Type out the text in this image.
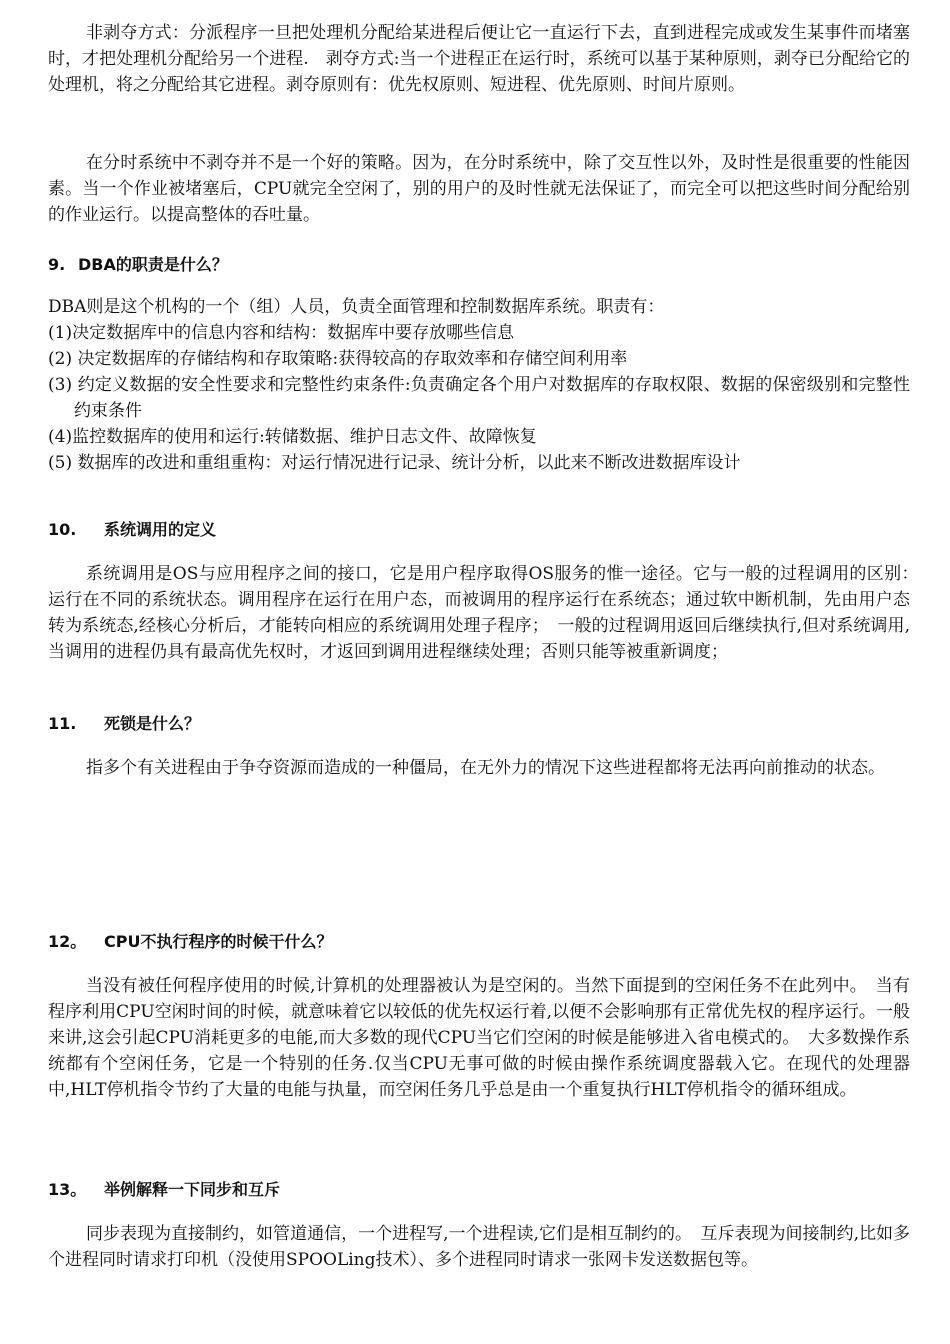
非剥夺方式：分派程序一旦把处理机分配给某进程后便让它一直运行下去，直到进程完成或发生某事件而堵塞时，才把处理机分配给另一个进程.　剥夺方式:当一个进程正在运行时，系统可以基于某种原则，剥夺已分配给它的处理机，将之分配给其它进程。剥夺原则有：优先权原则、短进程、优先原则、时间片原则。

在分时系统中不剥夺并不是一个好的策略。因为，在分时系统中，除了交互性以外，及时性是很重要的性能因素。当一个作业被堵塞后，CPU就完全空闲了，别的用户的及时性就无法保证了，而完全可以把这些时间分配给别的作业运行。以提高整体的吞吐量。

9. DBA的职责是什么？

DBA则是这个机构的一个（组）人员，负责全面管理和控制数据库系统。职责有：

(1)决定数据库中的信息内容和结构：数据库中要存放哪些信息

(2) 决定数据库的存储结构和存取策略:获得较高的存取效率和存储空间利用率

(3) 约定义数据的安全性要求和完整性约束条件:负责确定各个用户对数据库的存取权限、数据的保密级别和完整性约束条件

(4)监控数据库的使用和运行:转储数据、维护日志文件、故障恢复

(5) 数据库的改进和重组重构：对运行情况进行记录、统计分析，以此来不断改进数据库设计

10. 系统调用的定义

系统调用是OS与应用程序之间的接口，它是用户程序取得OS服务的惟一途径。它与一般的过程调用的区别：　运行在不同的系统状态。调用程序在运行在用户态，而被调用的程序运行在系统态；通过软中断机制，先由用户态转为系统态,经核心分析后，才能转向相应的系统调用处理子程序；　一般的过程调用返回后继续执行,但对系统调用,当调用的进程仍具有最高优先权时，才返回到调用进程继续处理；否则只能等被重新调度；

11. 死锁是什么？

指多个有关进程由于争夺资源而造成的一种僵局，在无外力的情况下这些进程都将无法再向前推动的状态。

12。 CPU不执行程序的时候干什么？

当没有被任何程序使用的时候,计算机的处理器被认为是空闲的。当然下面提到的空闲任务不在此列中。　当有程序利用CPU空闲时间的时候，就意味着它以较低的优先权运行着,以便不会影响那有正常优先权的程序运行。一般来讲,这会引起CPU消耗更多的电能,而大多数的现代CPU当它们空闲的时候是能够进入省电模式的。　大多数操作系统都有个空闲任务，它是一个特别的任务.仅当CPU无事可做的时候由操作系统调度器载入它。在现代的处理器中,HLT停机指令节约了大量的电能与执量，而空闲任务几乎总是由一个重复执行HLT停机指令的循环组成。

13。 举例解释一下同步和互斥

同步表现为直接制约，如管道通信，一个进程写,一个进程读,它们是相互制约的。　互斥表现为间接制约,比如多个进程同时请求打印机（没使用SPOOLing技术）、多个进程同时请求一张网卡发送数据包等。
